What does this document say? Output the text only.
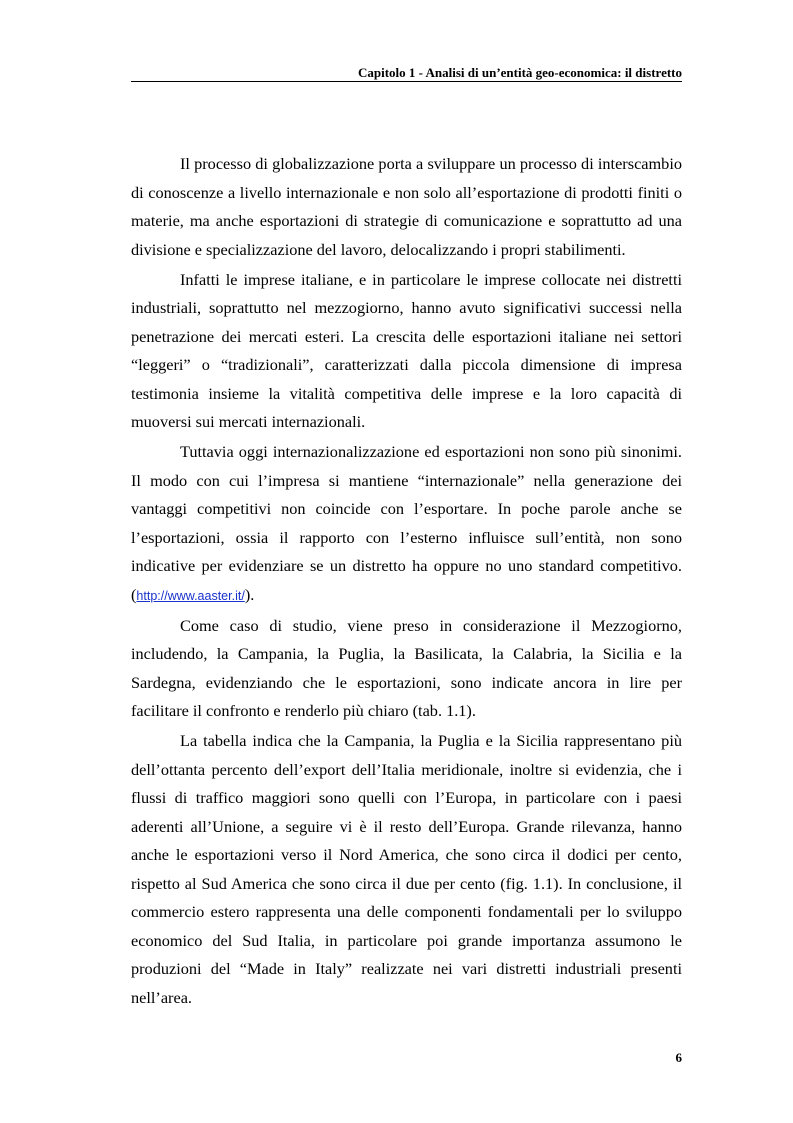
Capitolo 1 - Analisi di un’entità geo-economica: il distretto

Il processo di globalizzazione porta a sviluppare un processo di interscambio di conoscenze a livello internazionale e non solo all’esportazione di prodotti finiti o materie, ma anche esportazioni di strategie di comunicazione e soprattutto ad una divisione e specializzazione del lavoro, delocalizzando i propri stabilimenti.

Infatti le imprese italiane, e in particolare le imprese collocate nei distretti industriali, soprattutto nel mezzogiorno, hanno avuto significativi successi nella penetrazione dei mercati esteri. La crescita delle esportazioni italiane nei settori “leggeri” o “tradizionali”, caratterizzati dalla piccola dimensione di impresa testimonia insieme la vitalità competitiva delle imprese e la loro capacità di muoversi sui mercati internazionali.

Tuttavia oggi internazionalizzazione ed esportazioni non sono più sinonimi. Il modo con cui l’impresa si mantiene “internazionale” nella generazione dei vantaggi competitivi non coincide con l’esportare. In poche parole anche se l’esportazioni, ossia il rapporto con l’esterno influisce sull’entità, non sono indicative per evidenziare se un distretto ha oppure no uno standard competitivo. (http://www.aaster.it/).

Come caso di studio, viene preso in considerazione il Mezzogiorno, includendo, la Campania, la Puglia, la Basilicata, la Calabria, la Sicilia e la Sardegna, evidenziando che le esportazioni, sono indicate ancora in lire per facilitare il confronto e renderlo più chiaro (tab. 1.1).

La tabella indica che la Campania, la Puglia e la Sicilia rappresentano più dell’ottanta percento dell’export dell’Italia meridionale, inoltre si evidenzia, che i flussi di traffico maggiori sono quelli con l’Europa, in particolare con i paesi aderenti all’Unione, a seguire vi è il resto dell’Europa. Grande rilevanza, hanno anche le esportazioni verso il Nord America, che sono circa il dodici per cento, rispetto al Sud America che sono circa il due per cento (fig. 1.1). In conclusione, il commercio estero rappresenta una delle componenti fondamentali per lo sviluppo economico del Sud Italia, in particolare poi grande importanza assumono le produzioni del “Made in Italy” realizzate nei vari distretti industriali presenti nell’area.

6
